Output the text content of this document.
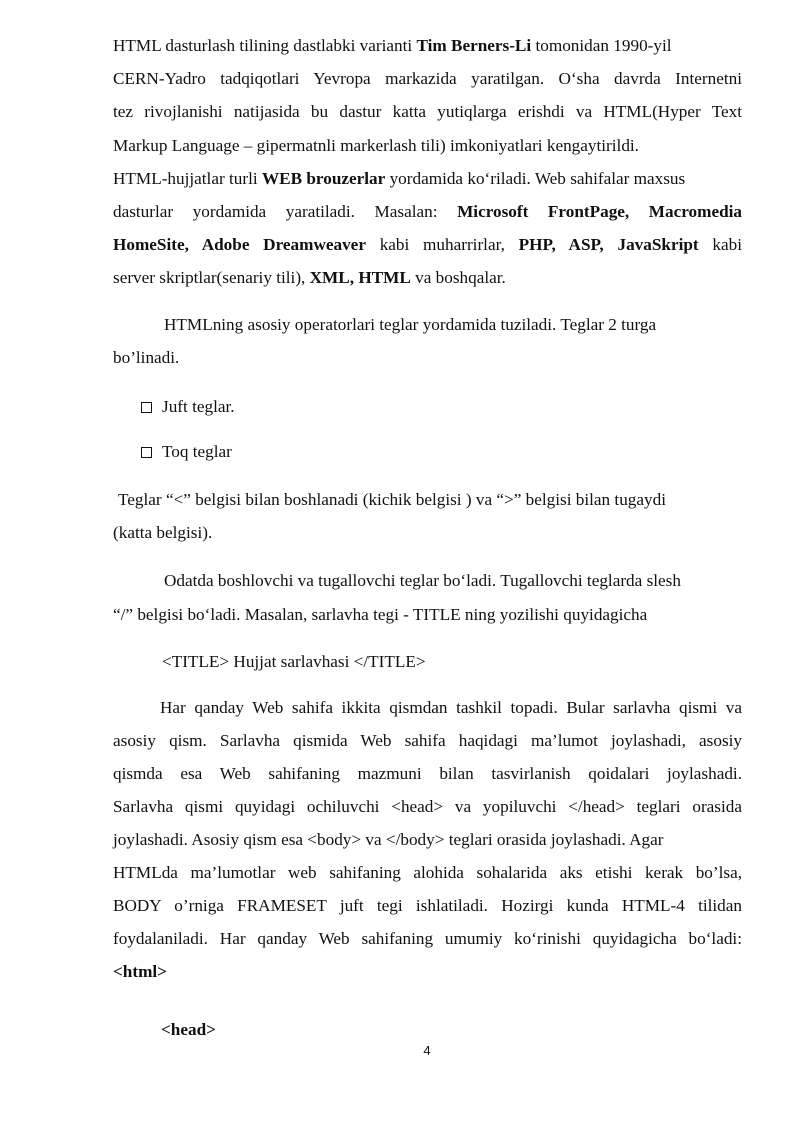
HTML dasturlash tilining dastlabki varianti Tim Berners-Li tomonidan 1990-yil
CERN-Yadro tadqiqotlari Yevropa markazida yaratilgan. O‘sha davrda Internetni
tez rivojlanishi natijasida bu dastur katta yutiqlarga erishdi va HTML(Hyper Text
Markup Language – gipermatnli markerlash tili) imkoniyatlari kengaytirildi.
HTML-hujjatlar turli WEB brouzerlar yordamida ko‘riladi. Web sahifalar maxsus
dasturlar yordamida yaratiladi. Masalan: Microsoft FrontPage, Macromedia
HomeSite, Adobe Dreamweaver kabi muharrirlar, PHP, ASP, JavaSkript kabi
server skriptlar(senariy tili), XML, HTML va boshqalar.
HTMLning asosiy operatorlari teglar yordamida tuziladi. Teglar 2 turga
bo’linadi.
Juft teglar.
Toq teglar
Teglar “<” belgisi bilan boshlanadi (kichik belgisi ) va “>” belgisi bilan tugaydi
(katta belgisi).
Odatda boshlovchi va tugallovchi teglar bo‘ladi. Tugallovchi teglarda slesh
“/” belgisi bo‘ladi. Masalan, sarlavha tegi - TITLE ning yozilishi quyidagicha
<TITLE> Hujjat sarlavhasi </TITLE>
Har qanday Web sahifa ikkita qismdan tashkil topadi. Bular sarlavha qismi va
asosiy qism. Sarlavha qismida Web sahifa haqidagi ma’lumot joylashadi, asosiy
qismda esa Web sahifaning mazmuni bilan tasvirlanish qoidalari joylashadi.
Sarlavha qismi quyidagi ochiluvchi <head> va yopiluvchi </head> teglari orasida
joylashadi. Asosiy qism esa <body> va </body> teglari orasida joylashadi. Agar
HTMLda ma’lumotlar web sahifaning alohida sohalarida aks etishi kerak bo’lsa,
BODY o’rniga FRAMESET juft tegi ishlatiladi. Hozirgi kunda HTML-4 tilidan
foydalaniladi. Har qanday Web sahifaning umumiy ko‘rinishi quyidagicha bo‘ladi:
<html>
<head>
4
